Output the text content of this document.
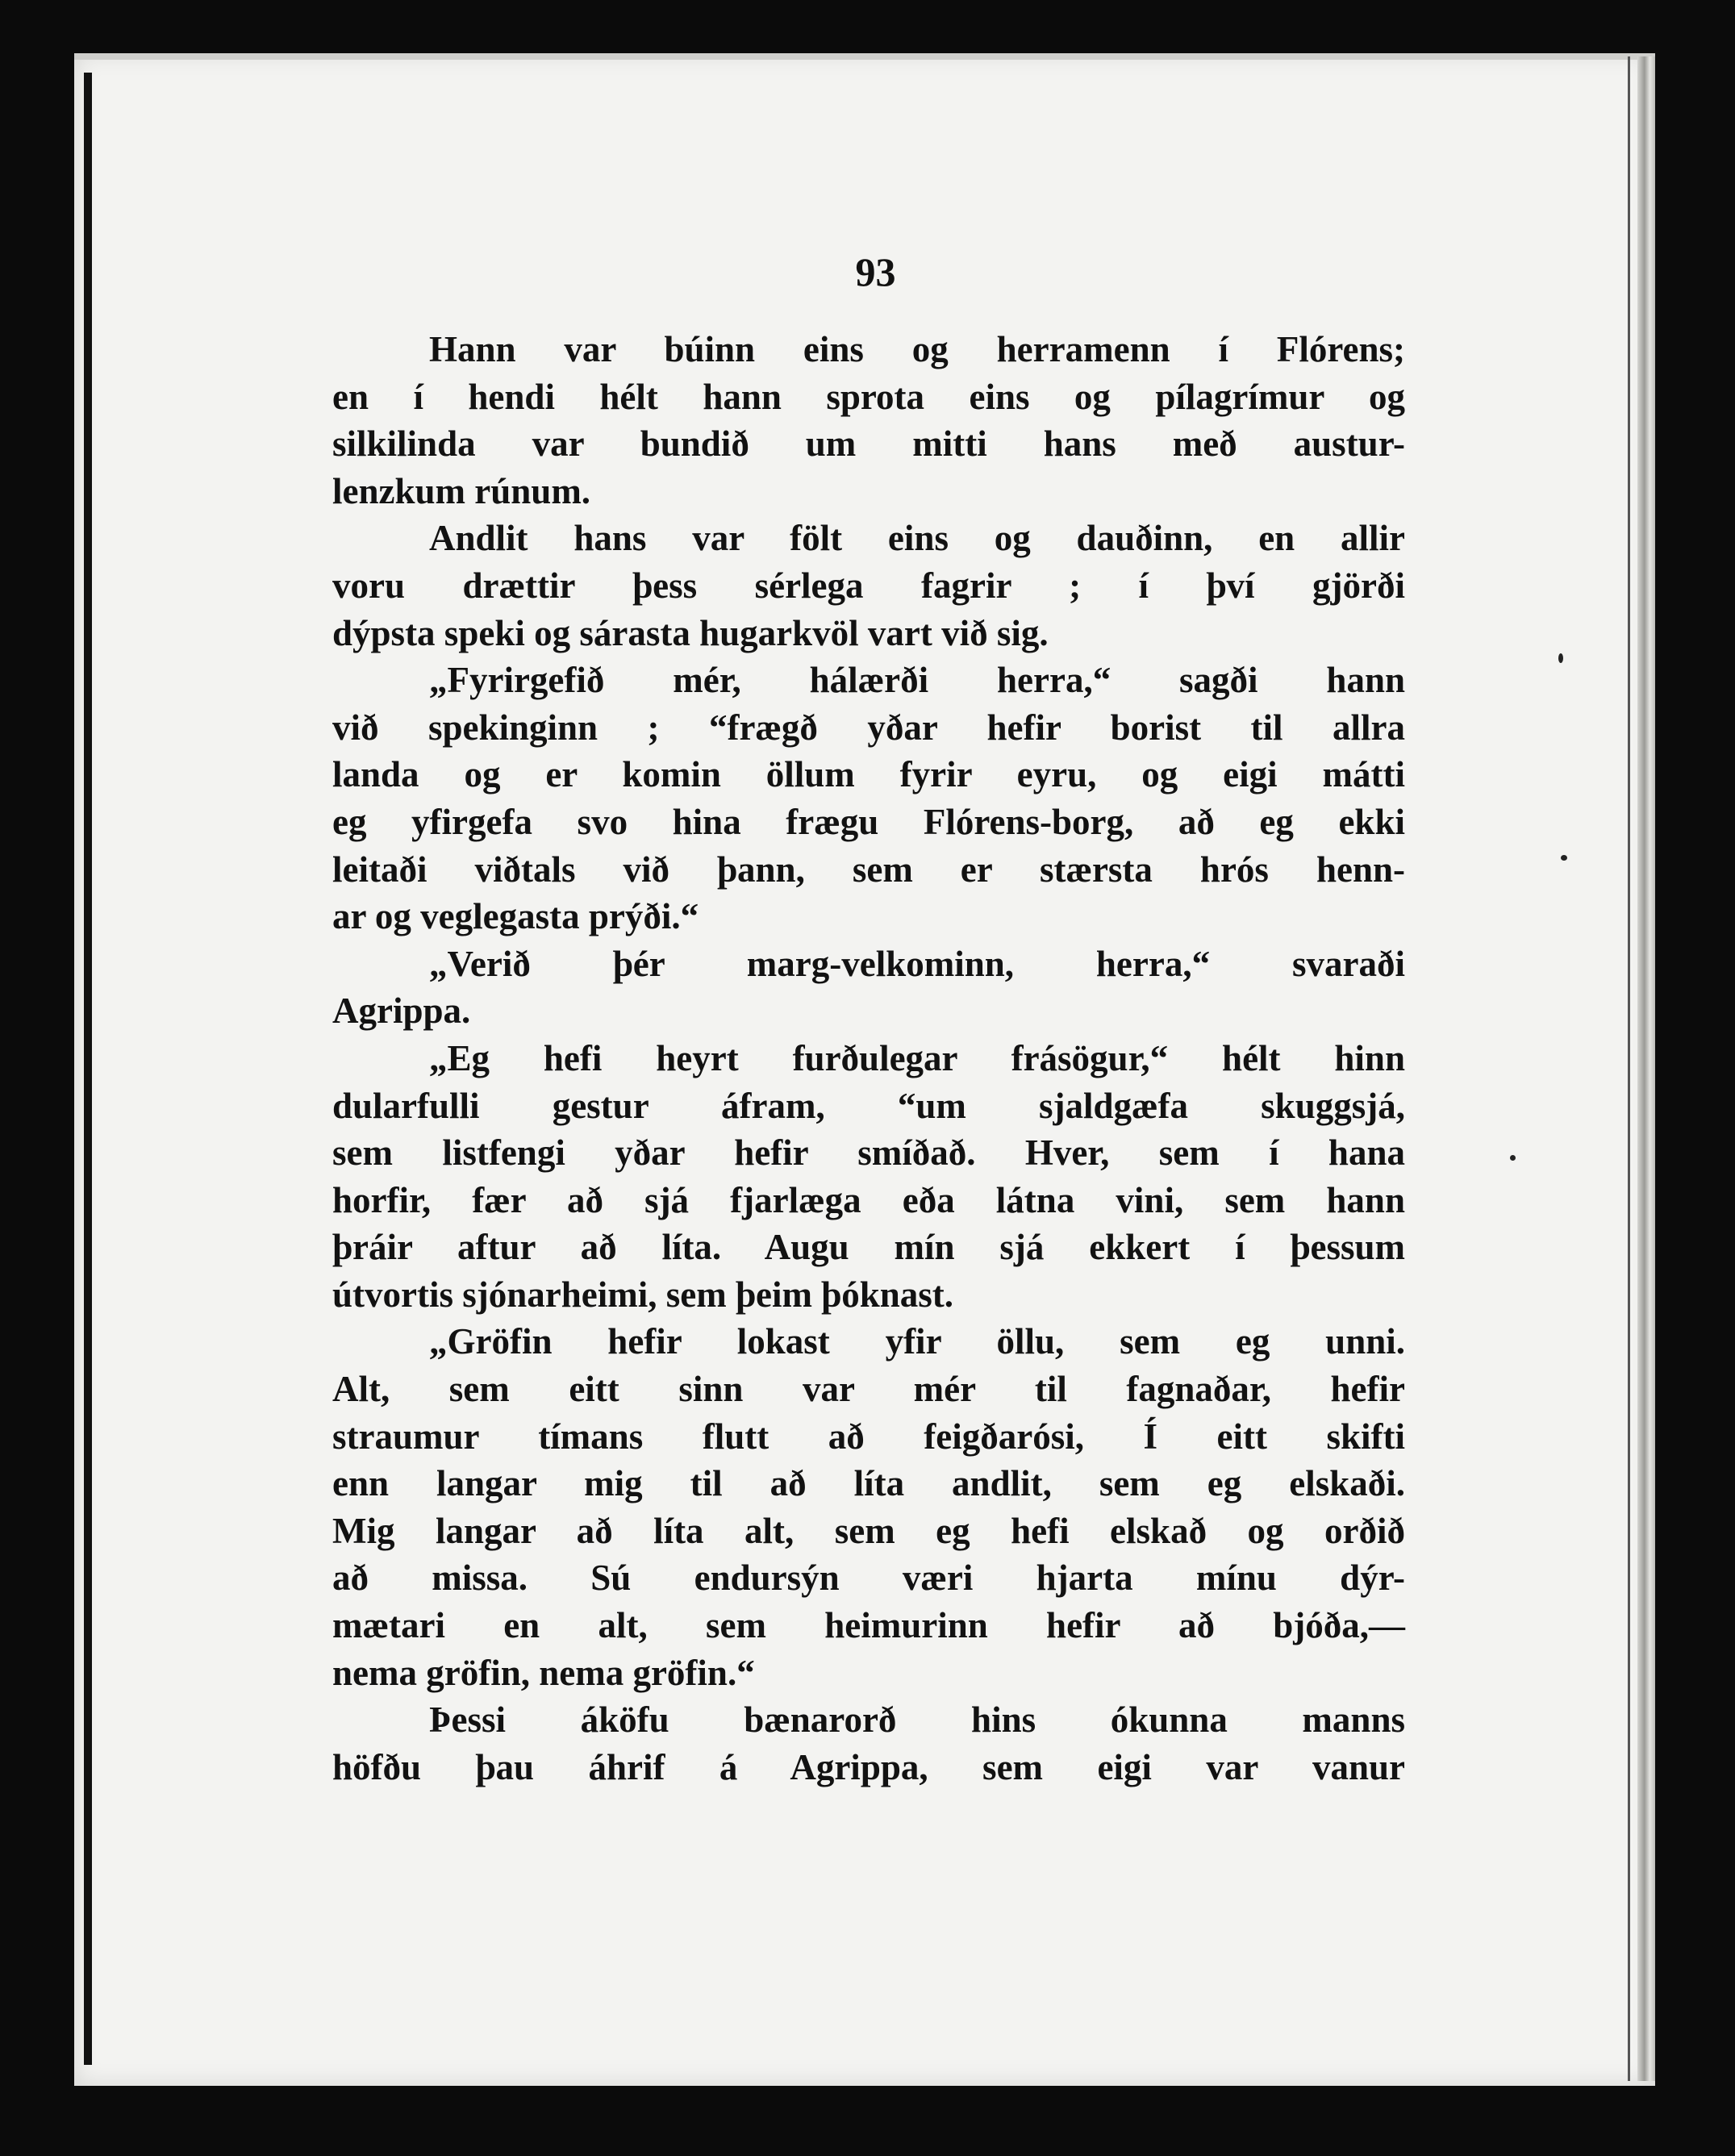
93
Hann var búinn eins og herramenn í Flórens;
en í hendi hélt hann sprota eins og pílagrímur og
silkilinda var bundið um mitti hans með austur-
lenzkum rúnum.
Andlit hans var fölt eins og dauðinn, en allir
voru drættir þess sérlega fagrir ; í því gjörði
dýpsta speki og sárasta hugarkvöl vart við sig.
„Fyrirgefið mér, hálærði herra,“ sagði hann
við spekinginn ; “frægð yðar hefir borist til allra
landa og er komin öllum fyrir eyru, og eigi mátti
eg yfirgefa svo hina frægu Flórens-borg, að eg ekki
leitaði viðtals við þann, sem er stærsta hrós henn-
ar og veglegasta prýði.“
„Verið þér marg-velkominn, herra,“ svaraði
Agrippa.
„Eg hefi heyrt furðulegar frásögur,“ hélt hinn
dularfulli gestur áfram, “um sjaldgæfa skuggsjá,
sem listfengi yðar hefir smíðað. Hver, sem í hana
horfir, fær að sjá fjarlæga eða látna vini, sem hann
þráir aftur að líta. Augu mín sjá ekkert í þessum
útvortis sjónarheimi, sem þeim þóknast.
„Gröfin hefir lokast yfir öllu, sem eg unni.
Alt, sem eitt sinn var mér til fagnaðar, hefir
straumur tímans flutt að feigðarósi, Í eitt skifti
enn langar mig til að líta andlit, sem eg elskaði.
Mig langar að líta alt, sem eg hefi elskað og orðið
að missa. Sú endursýn væri hjarta mínu dýr-
mætari en alt, sem heimurinn hefir að bjóða,—
nema gröfin, nema gröfin.“
Þessi áköfu bænarorð hins ókunna manns
höfðu þau áhrif á Agrippa, sem eigi var vanur
